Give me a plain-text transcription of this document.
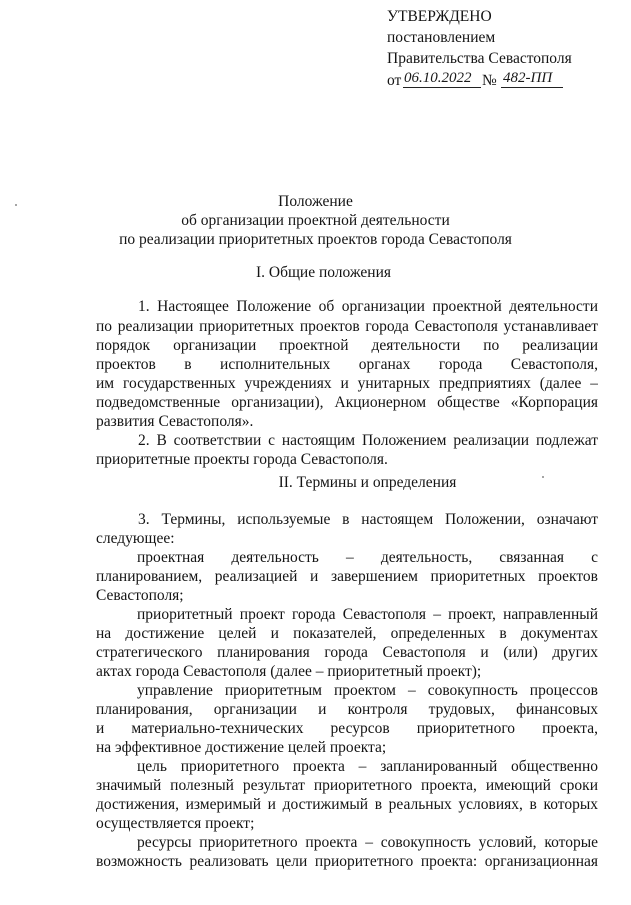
УТВЕРЖДЕНО
постановлением
Правительства Севастополя
от 06.10.2022 № 482-ПП
Положение
об организации проектной деятельности
по реализации приоритетных проектов города Севастополя
I. Общие положения
1. Настоящее Положение об организации проектной деятельности
по реализации приоритетных проектов города Севастополя устанавливает
порядок организации проектной деятельности по реализации
проектов в исполнительных органах города Севастополя,
им государственных учреждениях и унитарных предприятиях (далее –
подведомственные организации), Акционерном обществе «Корпорация
развития Севастополя».
2. В соответствии с настоящим Положением реализации подлежат
приоритетные проекты города Севастополя.
II. Термины и определения
3. Термины, используемые в настоящем Положении, означают
следующее:
проектная деятельность – деятельность, связанная с
планированием, реализацией и завершением приоритетных проектов
Севастополя;
приоритетный проект города Севастополя – проект, направленный
на достижение целей и показателей, определенных в документах
стратегического планирования города Севастополя и (или) других
актах города Севастополя (далее – приоритетный проект);
управление приоритетным проектом – совокупность процессов
планирования, организации и контроля трудовых, финансовых
и материально-технических ресурсов приоритетного проекта,
на эффективное достижение целей проекта;
цель приоритетного проекта – запланированный общественно
значимый полезный результат приоритетного проекта, имеющий сроки
достижения, измеримый и достижимый в реальных условиях, в которых
осуществляется проект;
ресурсы приоритетного проекта – совокупность условий, которые
возможность реализовать цели приоритетного проекта: организационная
